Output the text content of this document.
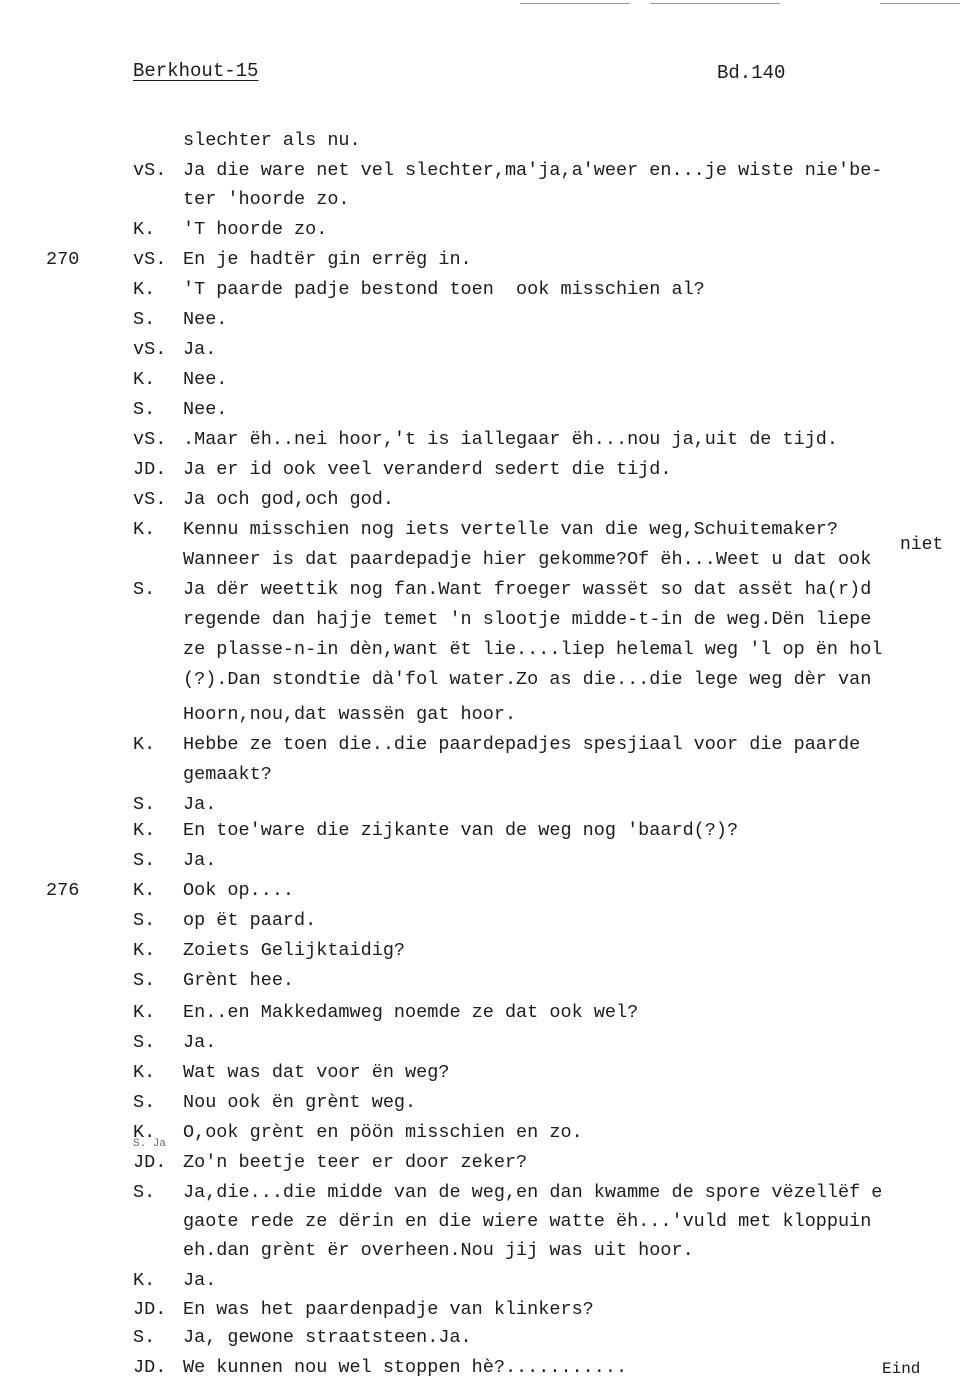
Berkhout-15	Bd.140
slechter als nu.
vS. Ja die ware net vel slechter,ma'ja,a'weer en...je wiste nie'be-
ter 'hoorde zo.
K. 'T hoorde zo.
270	vS. En je hadtër gin errëg in.
K. 'T paarde padje bestond toen  ook misschien al?
S. Nee.
vS. Ja.
K. Nee.
S. Nee.
vS. .Maar ëh..nei hoor,'t is iallegaar ëh...nou ja,uit de tijd.
JD. Ja er id ook veel veranderd sedert die tijd.
vS. Ja och god,och god.
K. Kennu misschien nog iets vertelle van die weg,Schuitemaker?
Wanneer is dat paardepadje hier gekomme?Of ëh...Weet u dat ook
S. Ja dër weettik nog fan.Want froeger wassët so dat assët ha(r)d
regende dan hajje temet 'n slootje midde-t-in de weg.Dën liepe
ze plasse-n-in dèn,want ët lie....liep helemal weg 'l op ën hol
(?).Dan stondtie dà'fol water.Zo as die...die lege weg dèr van
Hoorn,nou,dat wassën gat hoor.
K. Hebbe ze toen die..die paardepadjes spesjiaal voor die paarde
gemaakt?
S. Ja.
K. En toe'ware die zijkante van de weg nog 'baard(?)?
S. Ja.
276	K. Ook op....
S. op ët paard.
K. Zoiets Gelijktaidig?
S. Grènt hee.
K. En..en Makkedamweg noemde ze dat ook wel?
S. Ja.
K. Wat was dat voor ën weg?
S. Nou ook ën grènt weg.
K. O,ook grènt en pöön misschien en zo.
JD. Zo'n beetje teer er door zeker?
S. Ja,die...die midde van de weg,en dan kwamme de spore vëzellëf e
gaote rede ze dërin en die wiere watte ëh...'vuld met kloppuin
eh.dan grènt ër overheen.Nou jij was uit hoor.
K. Ja.
JD. En was het paardenpadje van klinkers?
S. Ja, gewone straatsteen.Ja.
JD. We kunnen nou wel stoppen hè?...........
niet
S. Ja
Eind
